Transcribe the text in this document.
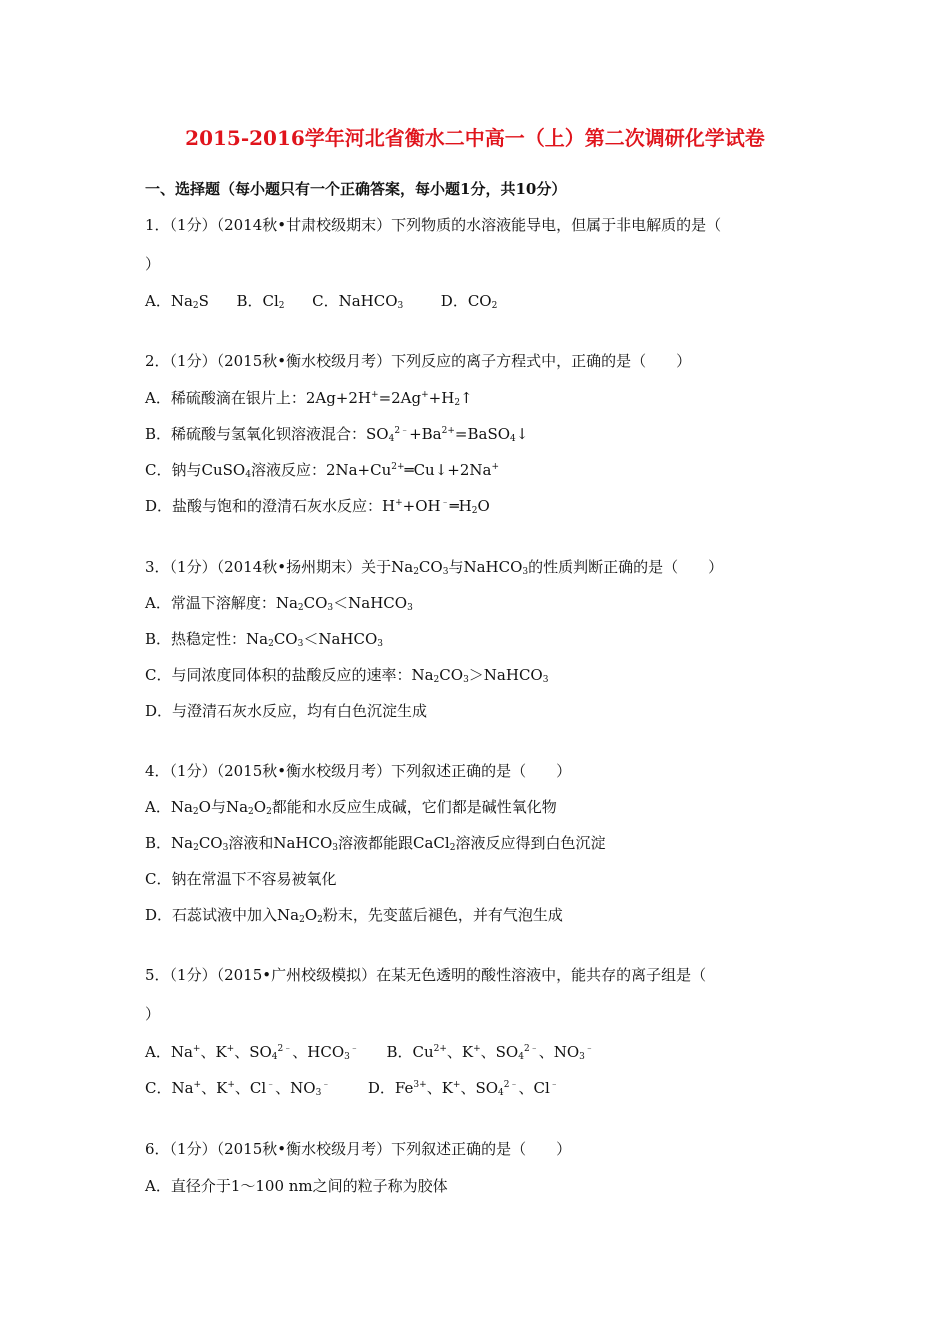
2015-2016学年河北省衡水二中高一（上）第二次调研化学试卷
一、选择题（每小题只有一个正确答案，每小题1分，共10分）
1．（1分）（2014秋•甘肃校级期末）下列物质的水溶液能导电，但属于非电解质的是（
）
A．$Na_2S$ B．$Cl_2$ C．NaHCO$_3$	D．$CO_2$
2．（1分）（2015秋•衡水校级月考）下列反应的离子方程式中，正确的是（　　）
A．稀硫酸滴在银片上：$2Ag+2H^+=2Ag^++H_2↑$
B．稀硫酸与氢氧化钡溶液混合：$SO_4^{2﹣}+Ba^{2+}=BaSO_4↓$
C．钠与CuSO$_4$溶液反应：$2Na+Cu^{2+}═Cu↓+2Na^+$
D．盐酸与饱和的澄清石灰水反应：$H^++OH^﹣═H_2O$
3．（1分）（2014秋•扬州期末）关于$Na_2CO_3$与NaHCO$_3$的性质判断正确的是（　　）
A．常温下溶解度：$Na_2CO_3<NaHCO_3$
B．热稳定性：$Na_2CO_3<NaHCO_3$
C．与同浓度同体积的盐酸反应的速率：$Na_2CO_3>NaHCO_3$
D．与澄清石灰水反应，均有白色沉淀生成
4．（1分）（2015秋•衡水校级月考）下列叙述正确的是（　　）
A．$Na_2O$与$Na_2O_2$都能和水反应生成碱，它们都是碱性氧化物
B．$Na_2CO_3$溶液和NaHCO$_3$溶液都能跟CaCl$_2$溶液反应得到白色沉淀
C．钠在常温下不容易被氧化
D．石蕊试液中加入$Na_2O_2$粉末，先变蓝后褪色，并有气泡生成
5．（1分）（2015•广州校级模拟）在某无色透明的酸性溶液中，能共存的离子组是（
）
A．Na+、K+、$SO_4^{2﹣}$、$HCO_3^﹣$ B．$Cu^{2+}$、K+、$SO_4^{2﹣}$、$NO_3^﹣$
C．Na+、K+、Cl﹣、$NO_3^﹣$	D．$Fe^{3+}$、K+、$SO_4^{2﹣}$、Cl﹣
6．（1分）（2015秋•衡水校级月考）下列叙述正确的是（　　）
A．直径介于1～100 nm之间的粒子称为胶体
